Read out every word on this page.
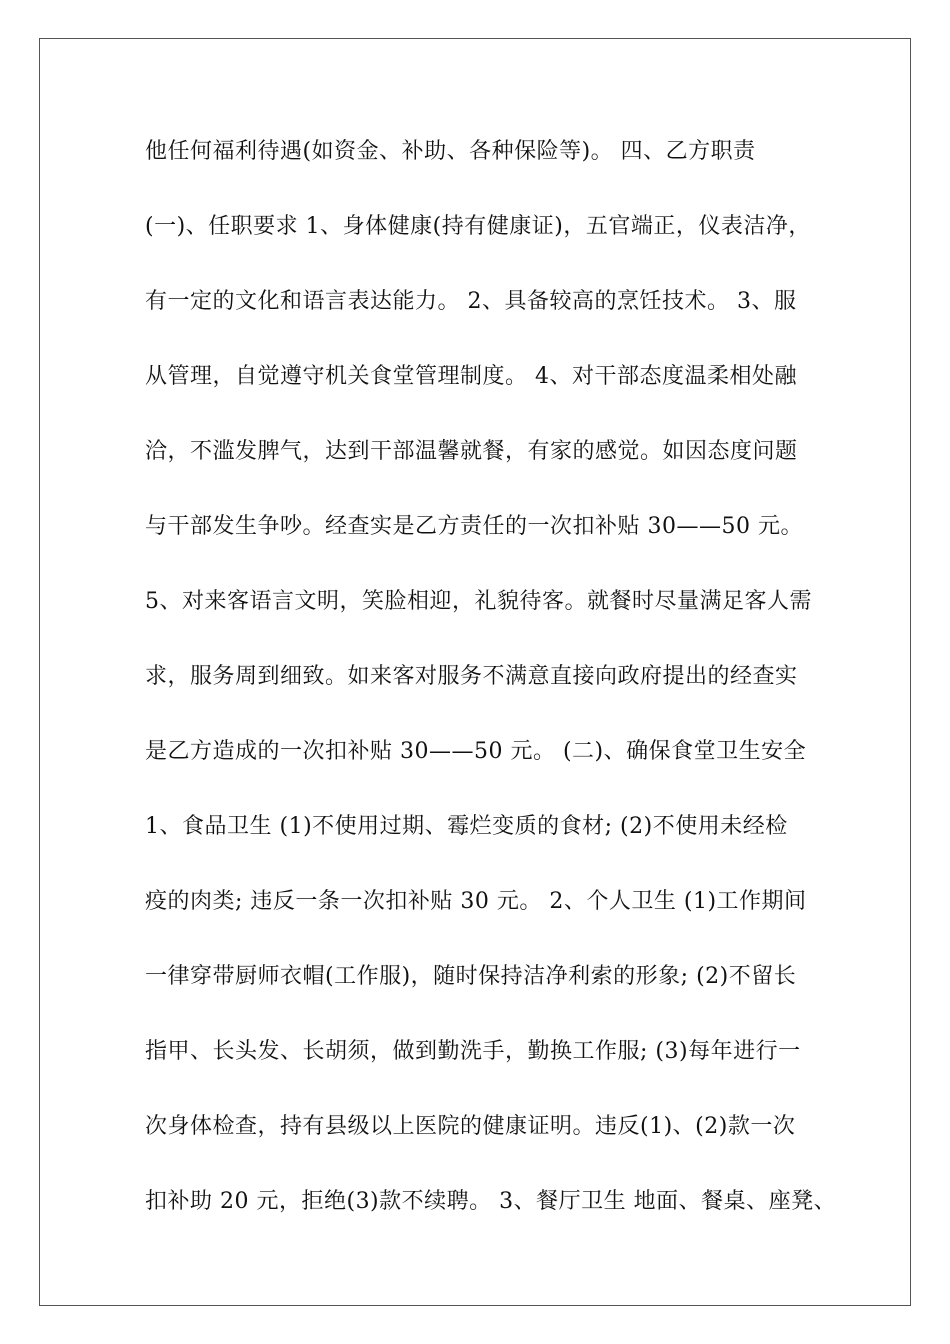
他任何福利待遇(如资金、补助、各种保险等)。 四、乙方职责
(一)、任职要求 1、身体健康(持有健康证)，五官端正，仪表洁净，
有一定的文化和语言表达能力。 2、具备较高的烹饪技术。 3、服
从管理，自觉遵守机关食堂管理制度。 4、对干部态度温柔相处融
洽，不滥发脾气，达到干部温馨就餐，有家的感觉。如因态度问题
与干部发生争吵。经查实是乙方责任的一次扣补贴 30——50 元。
5、对来客语言文明，笑脸相迎，礼貌待客。就餐时尽量满足客人需
求，服务周到细致。如来客对服务不满意直接向政府提出的经查实
是乙方造成的一次扣补贴 30——50 元。 (二)、确保食堂卫生安全
1、食品卫生 (1)不使用过期、霉烂变质的食材; (2)不使用未经检
疫的肉类; 违反一条一次扣补贴 30 元。 2、个人卫生 (1)工作期间
一律穿带厨师衣帽(工作服)，随时保持洁净利索的形象; (2)不留长
指甲、长头发、长胡须，做到勤洗手，勤换工作服; (3)每年进行一
次身体检查，持有县级以上医院的健康证明。违反(1)、(2)款一次
扣补助 20 元，拒绝(3)款不续聘。 3、餐厅卫生 地面、餐桌、座凳、
